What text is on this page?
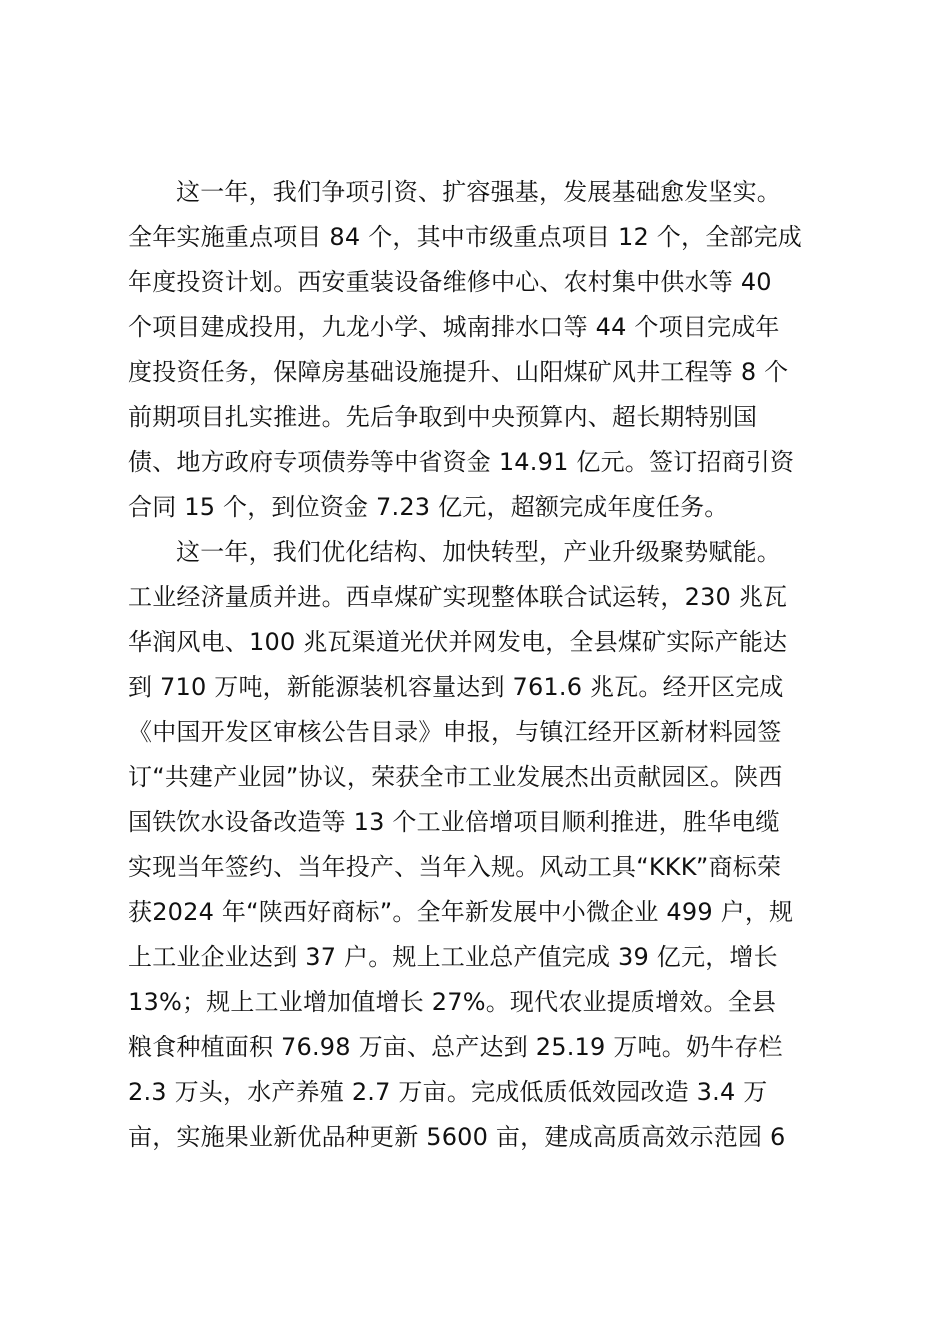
这一年，我们争项引资、扩容强基，发展基础愈发坚实。
全年实施重点项目 84 个，其中市级重点项目 12 个，全部完成
年度投资计划。西安重装设备维修中心、农村集中供水等 40
个项目建成投用，九龙小学、城南排水口等 44 个项目完成年
度投资任务，保障房基础设施提升、山阳煤矿风井工程等 8 个
前期项目扎实推进。先后争取到中央预算内、超长期特别国
债、地方政府专项债券等中省资金 14.91 亿元。签订招商引资
合同 15 个，到位资金 7.23 亿元，超额完成年度任务。
这一年，我们优化结构、加快转型，产业升级聚势赋能。
工业经济量质并进。西卓煤矿实现整体联合试运转，230 兆瓦
华润风电、100 兆瓦渠道光伏并网发电，全县煤矿实际产能达
到 710 万吨，新能源装机容量达到 761.6 兆瓦。经开区完成
《中国开发区审核公告目录》申报，与镇江经开区新材料园签
订“共建产业园”协议，荣获全市工业发展杰出贡献园区。陕西
国铁饮水设备改造等 13 个工业倍增项目顺利推进，胜华电缆
实现当年签约、当年投产、当年入规。风动工具“KKK”商标荣
获2024 年“陕西好商标”。全年新发展中小微企业 499 户，规
上工业企业达到 37 户。规上工业总产值完成 39 亿元，增长
13%；规上工业增加值增长 27%。现代农业提质增效。全县
粮食种植面积 76.98 万亩、总产达到 25.19 万吨。奶牛存栏
2.3 万头，水产养殖 2.7 万亩。完成低质低效园改造 3.4 万
亩，实施果业新优品种更新 5600 亩，建成高质高效示范园 6
